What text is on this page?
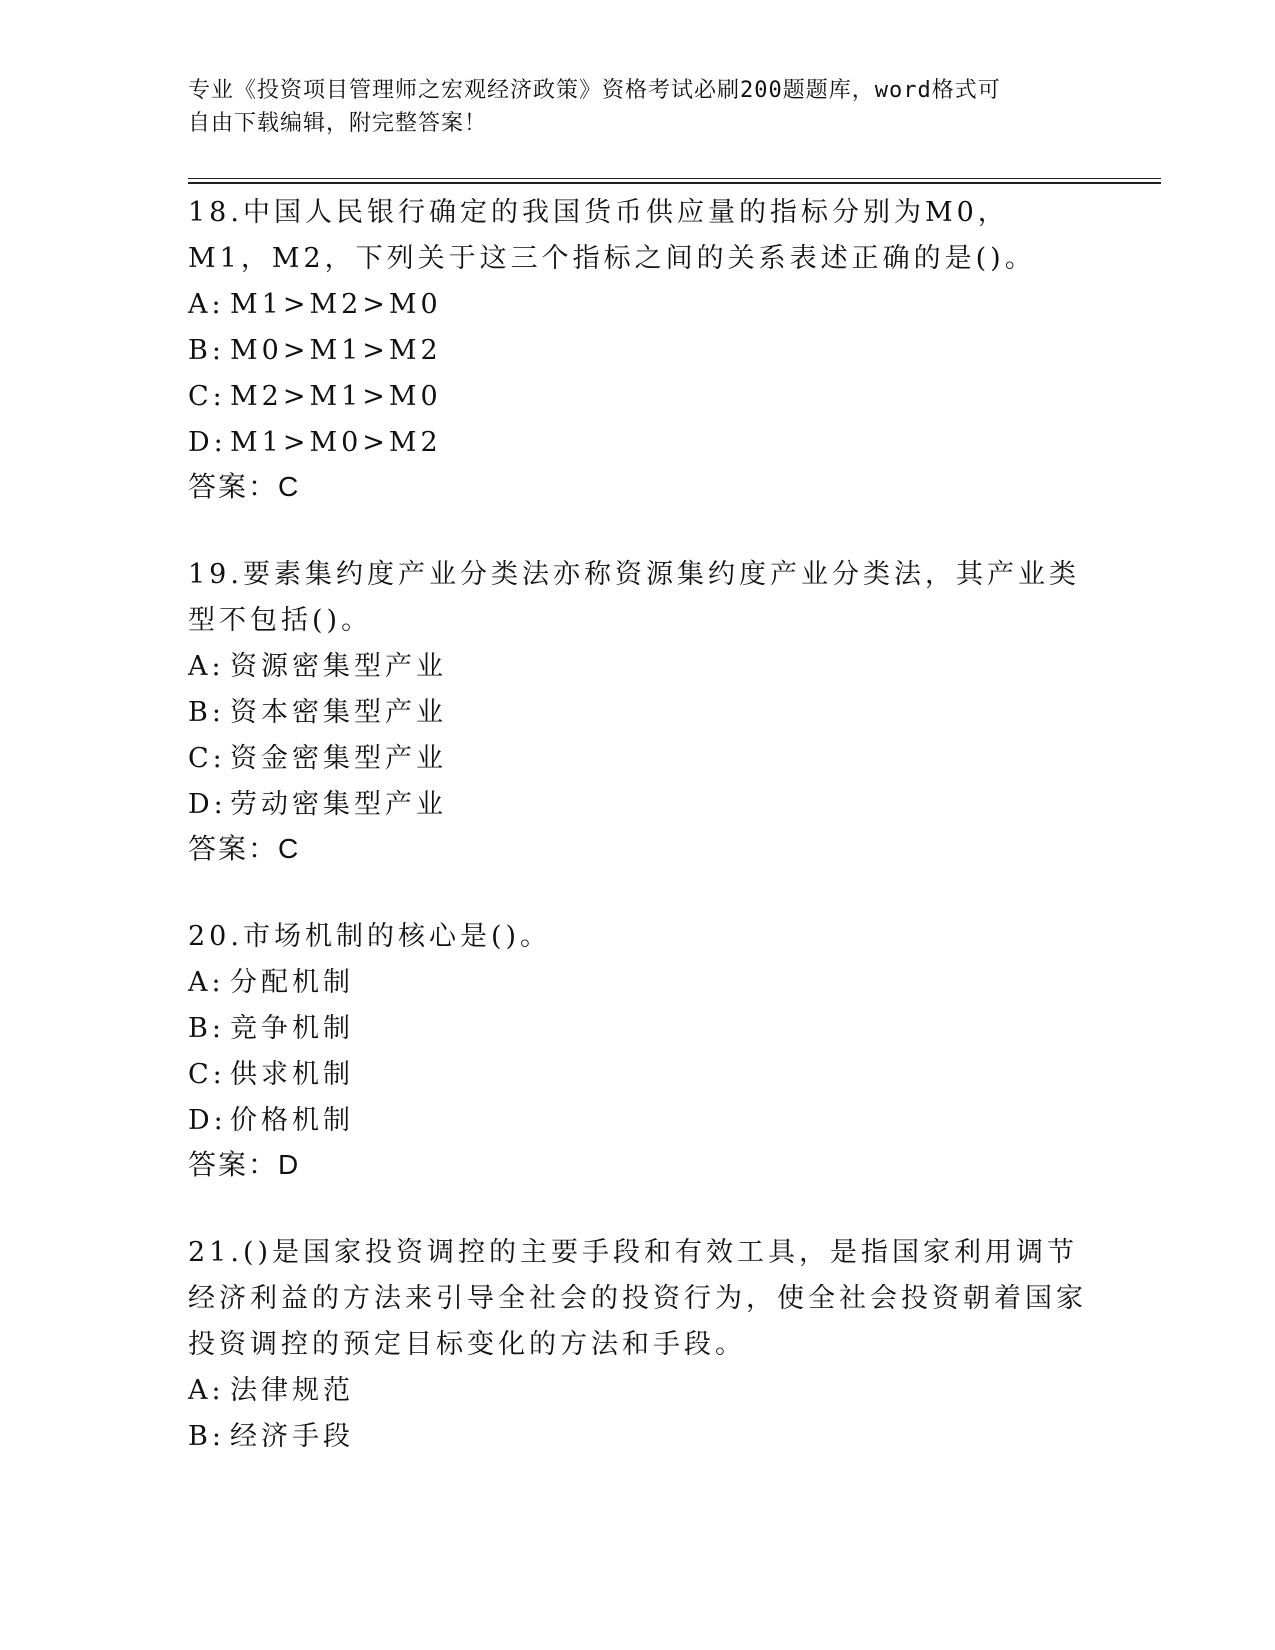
专业《投资项目管理师之宏观经济政策》资格考试必刷200题题库，word格式可
自由下载编辑，附完整答案！
18.中国人民银行确定的我国货币供应量的指标分别为M0，M1，M2，下列关于这三个指标之间的关系表述正确的是()。
A: M1>M2>M0
B: M0>M1>M2
C: M2>M1>M0
D: M1>M0>M2
答案：C
19.要素集约度产业分类法亦称资源集约度产业分类法，其产业类型不包括()。
A: 资源密集型产业
B: 资本密集型产业
C: 资金密集型产业
D: 劳动密集型产业
答案：C
20.市场机制的核心是()。
A: 分配机制
B: 竞争机制
C: 供求机制
D: 价格机制
答案：D
21.()是国家投资调控的主要手段和有效工具，是指国家利用调节经济利益的方法来引导全社会的投资行为，使全社会投资朝着国家投资调控的预定目标变化的方法和手段。
A: 法律规范
B: 经济手段
